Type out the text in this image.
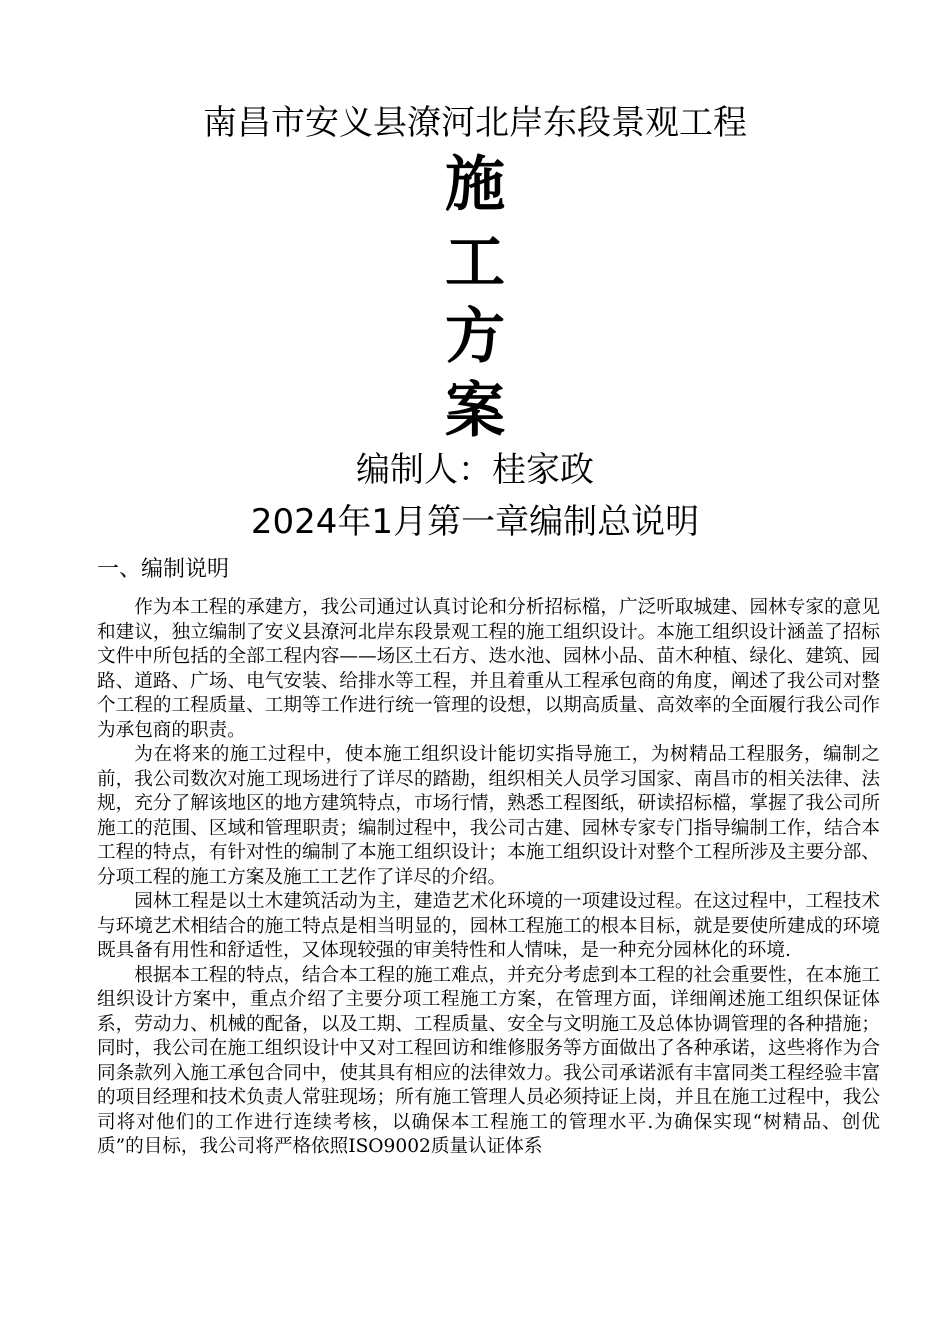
南昌市安义县潦河北岸东段景观工程
施
工
方
案
编制人：桂家政
2024年1月第一章编制总说明
一、编制说明

作为本工程的承建方，我公司通过认真讨论和分析招标檔，广泛听取城建、园林专家的意见和建议，独立编制了安义县潦河北岸东段景观工程的施工组织设计。本施工组织设计涵盖了招标文件中所包括的全部工程内容——场区土石方、迭水池、园林小品、苗木种植、绿化、建筑、园路、道路、广场、电气安装、给排水等工程，并且着重从工程承包商的角度，阐述了我公司对整个工程的工程质量、工期等工作进行统一管理的设想，以期高质量、高效率的全面履行我公司作为承包商的职责。

为在将来的施工过程中，使本施工组织设计能切实指导施工，为树精品工程服务，编制之前，我公司数次对施工现场进行了详尽的踏勘，组织相关人员学习国家、南昌市的相关法律、法规，充分了解该地区的地方建筑特点，市场行情，熟悉工程图纸，研读招标檔，掌握了我公司所施工的范围、区域和管理职责；编制过程中，我公司古建、园林专家专门指导编制工作，结合本工程的特点，有针对性的编制了本施工组织设计；本施工组织设计对整个工程所涉及主要分部、分项工程的施工方案及施工工艺作了详尽的介绍。

园林工程是以土木建筑活动为主，建造艺术化环境的一项建设过程。在这过程中，工程技术与环境艺术相结合的施工特点是相当明显的，园林工程施工的根本目标，就是要使所建成的环境既具备有用性和舒适性，又体现较强的审美特性和人情味，是一种充分园林化的环境.

根据本工程的特点，结合本工程的施工难点，并充分考虑到本工程的社会重要性，在本施工组织设计方案中，重点介绍了主要分项工程施工方案，在管理方面，详细阐述施工组织保证体系，劳动力、机械的配备，以及工期、工程质量、安全与文明施工及总体协调管理的各种措施；同时，我公司在施工组织设计中又对工程回访和维修服务等方面做出了各种承诺，这些将作为合同条款列入施工承包合同中，使其具有相应的法律效力。我公司承诺派有丰富同类工程经验丰富的项目经理和技术负责人常驻现场；所有施工管理人员必须持证上岗，并且在施工过程中，我公司将对他们的工作进行连续考核，以确保本工程施工的管理水平.为确保实现“树精品、创优质”的目标，我公司将严格依照ISO9002质量认证体系
